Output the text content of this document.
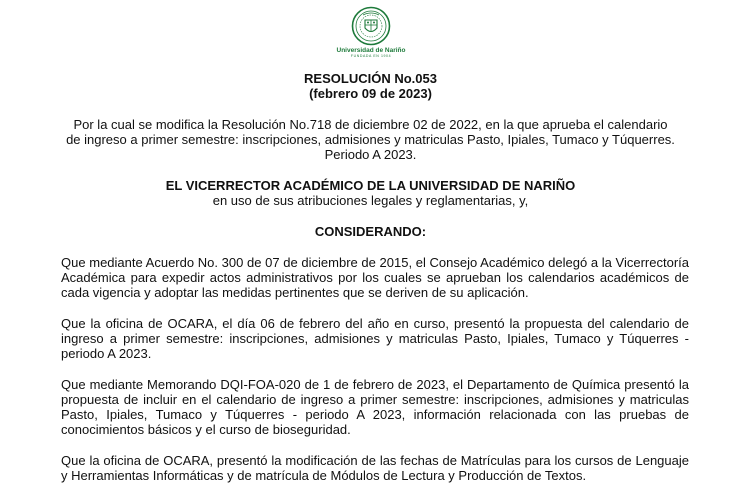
Universidad de Nariño
FUNDADA EN 1904
RESOLUCIÓN No.053
(febrero 09 de 2023)
Por la cual se modifica la Resolución No.718 de diciembre 02 de 2022, en la que aprueba el calendario
de ingreso a primer semestre: inscripciones, admisiones y matriculas Pasto, Ipiales, Tumaco y Túquerres.
Periodo A 2023.
EL VICERRECTOR ACADÉMICO DE LA UNIVERSIDAD DE NARIÑO
en uso de sus atribuciones legales y reglamentarias, y,
CONSIDERANDO:
Que mediante Acuerdo No. 300 de 07 de diciembre de 2015, el Consejo Académico delegó a la Vicerrectoría Académica para expedir actos administrativos por los cuales se aprueban los calendarios académicos de cada vigencia y adoptar las medidas pertinentes que se deriven de su aplicación.
Que la oficina de OCARA, el día 06 de febrero del año en curso, presentó la propuesta del calendario de ingreso a primer semestre: inscripciones, admisiones y matriculas Pasto, Ipiales, Tumaco y Túquerres - periodo A 2023.
Que mediante Memorando DQI-FOA-020 de 1 de febrero de 2023, el Departamento de Química presentó la propuesta de incluir en el calendario de ingreso a primer semestre: inscripciones, admisiones y matriculas Pasto, Ipiales, Tumaco y Túquerres - periodo A 2023, información relacionada con las pruebas de conocimientos básicos y el curso de bioseguridad.
Que la oficina de OCARA, presentó la modificación de las fechas de Matrículas para los cursos de Lenguaje y Herramientas Informáticas y de matrícula de Módulos de Lectura y Producción de Textos.
